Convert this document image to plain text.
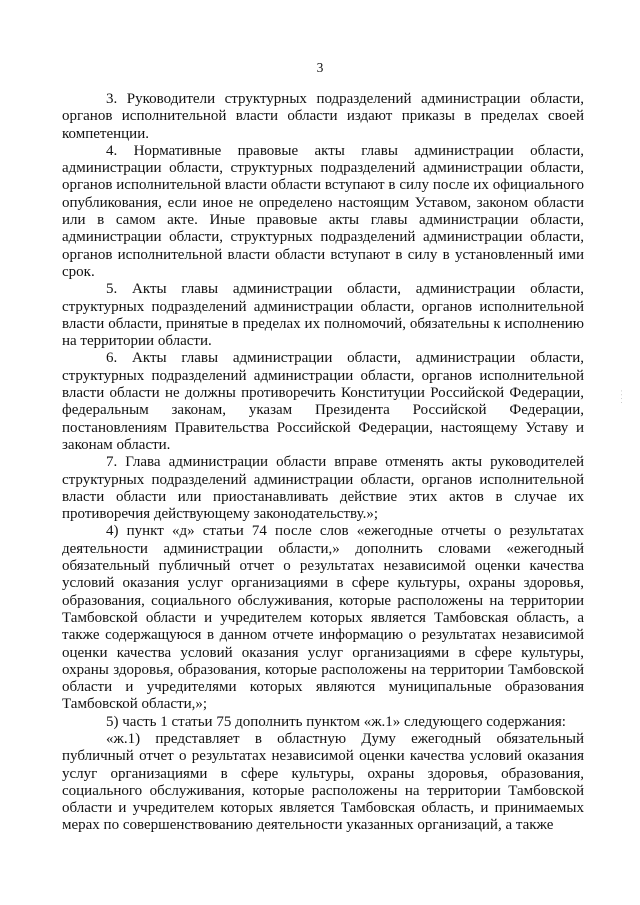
3

3. Руководители структурных подразделений администрации области, органов исполнительной власти области издают приказы в пределах своей компетенции.

4. Нормативные правовые акты главы администрации области, администрации области, структурных подразделений администрации области, органов исполнительной власти области вступают в силу после их официального опубликования, если иное не определено настоящим Уставом, законом области или в самом акте. Иные правовые акты главы администрации области, администрации области, структурных подразделений администрации области, органов исполнительной власти области вступают в силу в установленный ими срок.

5. Акты главы администрации области, администрации области, структурных подразделений администрации области, органов исполнительной власти области, принятые в пределах их полномочий, обязательны к исполнению на территории области.

6. Акты главы администрации области, администрации области, структурных подразделений администрации области, органов исполнительной власти области не должны противоречить Конституции Российской Федерации, федеральным законам, указам Президента Российской Федерации, постановлениям Правительства Российской Федерации, настоящему Уставу и законам области.

7. Глава администрации области вправе отменять акты руководителей структурных подразделений администрации области, органов исполнительной власти области или приостанавливать действие этих актов в случае их противоречия действующему законодательству.»;

4) пункт «д» статьи 74 после слов «ежегодные отчеты о результатах деятельности администрации области,» дополнить словами «ежегодный обязательный публичный отчет о результатах независимой оценки качества условий оказания услуг организациями в сфере культуры, охраны здоровья, образования, социального обслуживания, которые расположены на территории Тамбовской области и учредителем которых является Тамбовская область, а также содержащуюся в данном отчете информацию о результатах независимой оценки качества условий оказания услуг организациями в сфере культуры, охраны здоровья, образования, которые расположены на территории Тамбовской области и учредителями которых являются муниципальные образования Тамбовской области,»;

5) часть 1 статьи 75 дополнить пунктом «ж.1» следующего содержания:

«ж.1) представляет в областную Думу ежегодный обязательный публичный отчет о результатах независимой оценки качества условий оказания услуг организациями в сфере культуры, охраны здоровья, образования, социального обслуживания, которые расположены на территории Тамбовской области и учредителем которых является Тамбовская область, и принимаемых мерах по совершенствованию деятельности указанных организаций, а также

· · · ·
